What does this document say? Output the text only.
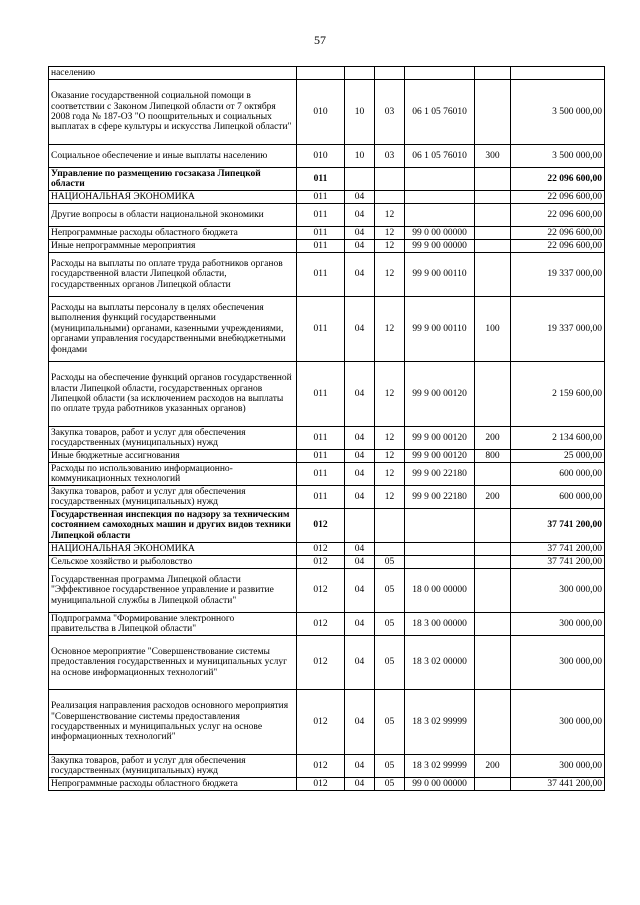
57
населению						
Оказание государственной социальной помощи в соответствии с Законом Липецкой области от 7 октября 2008 года № 187-ОЗ "О поощрительных и социальных выплатах в сфере культуры и искусства Липецкой области"	010	10	03	06 1 05 76010		3 500 000,00
Социальное обеспечение и иные выплаты населению	010	10	03	06 1 05 76010	300	3 500 000,00
Управление по размещению госзаказа Липецкой области	011					22 096 600,00
НАЦИОНАЛЬНАЯ ЭКОНОМИКА	011	04				22 096 600,00
Другие вопросы в области национальной экономики	011	04	12			22 096 600,00
Непрограммные расходы областного бюджета	011	04	12	99 0 00 00000		22 096 600,00
Иные непрограммные мероприятия	011	04	12	99 9 00 00000		22 096 600,00
Расходы на выплаты по оплате труда работников органов государственной власти Липецкой области, государственных органов Липецкой области	011	04	12	99 9 00 00110		19 337 000,00
Расходы на выплаты персоналу в целях обеспечения выполнения функций государственными (муниципальными) органами, казенными учреждениями, органами управления государственными внебюджетными фондами	011	04	12	99 9 00 00110	100	19 337 000,00
Расходы на обеспечение функций органов государственной власти Липецкой области, государственных органов Липецкой области (за исключением расходов на выплаты по оплате труда работников указанных органов)	011	04	12	99 9 00 00120		2 159 600,00
Закупка товаров, работ и услуг для обеспечения государственных (муниципальных) нужд	011	04	12	99 9 00 00120	200	2 134 600,00
Иные бюджетные ассигнования	011	04	12	99 9 00 00120	800	25 000,00
Расходы по использованию информационно-коммуникационных технологий	011	04	12	99 9 00 22180		600 000,00
Закупка товаров, работ и услуг для обеспечения государственных (муниципальных) нужд	011	04	12	99 9 00 22180	200	600 000,00
Государственная инспекция по надзору за техническим состоянием самоходных машин и других видов техники Липецкой области	012					37 741 200,00
НАЦИОНАЛЬНАЯ ЭКОНОМИКА	012	04				37 741 200,00
Сельское хозяйство и рыболовство	012	04	05			37 741 200,00
Государственная программа Липецкой области "Эффективное государственное управление и развитие муниципальной службы в Липецкой области"	012	04	05	18 0 00 00000		300 000,00
Подпрограмма "Формирование электронного правительства в Липецкой области"	012	04	05	18 3 00 00000		300 000,00
Основное мероприятие "Совершенствование системы предоставления государственных и муниципальных услуг на основе информационных технологий"	012	04	05	18 3 02 00000		300 000,00
Реализация направления расходов основного мероприятия "Совершенствование системы предоставления государственных и муниципальных услуг на основе информационных технологий"	012	04	05	18 3 02 99999		300 000,00
Закупка товаров, работ и услуг для обеспечения государственных (муниципальных) нужд	012	04	05	18 3 02 99999	200	300 000,00
Непрограммные расходы областного бюджета	012	04	05	99 0 00 00000		37 441 200,00
